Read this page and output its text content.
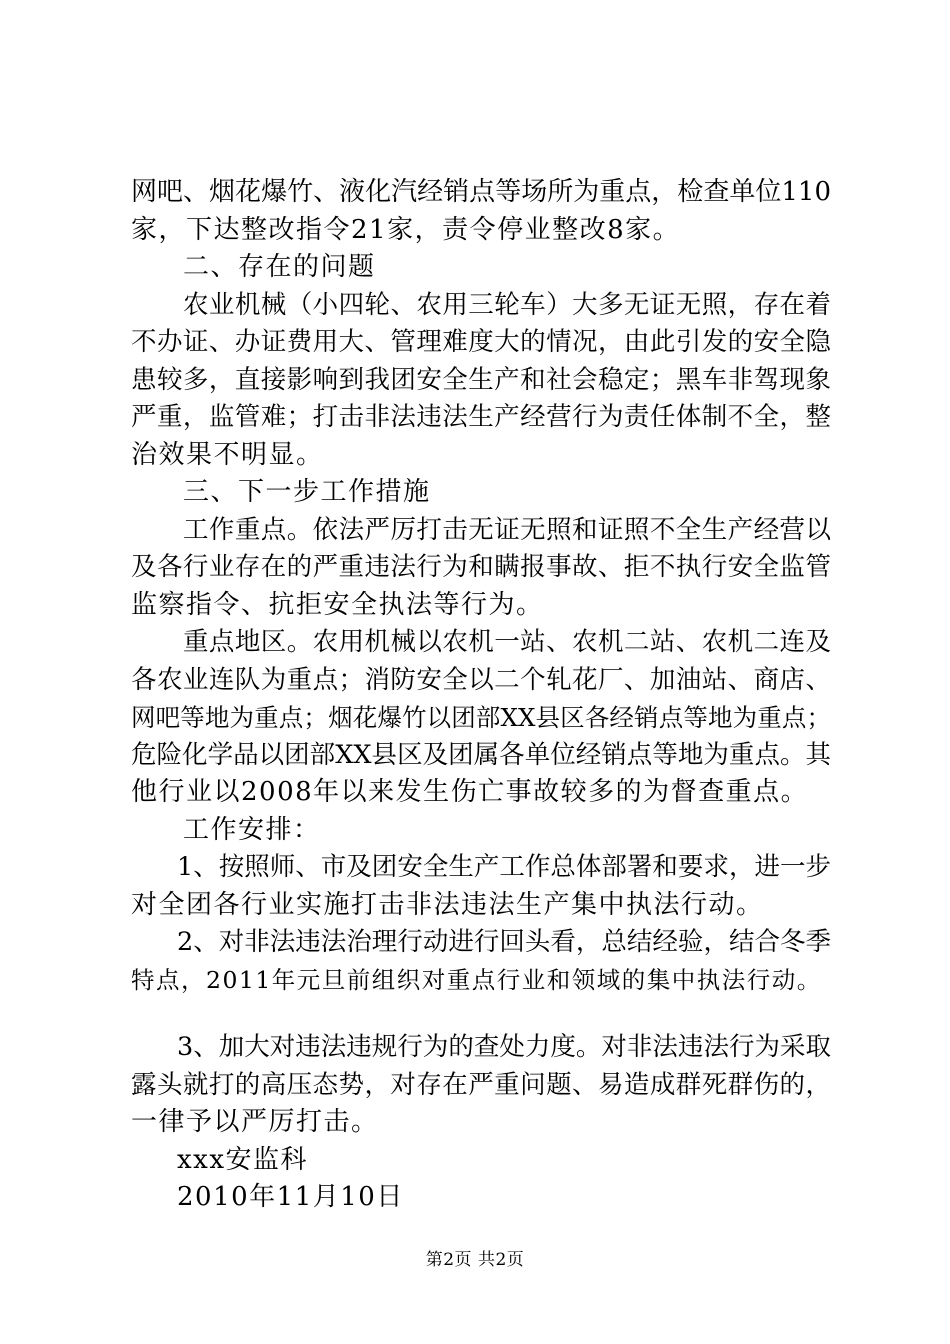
网吧、烟花爆竹、液化汽经销点等场所为重点，检查单位110
家，下达整改指令21家，责令停业整改8家。
二、存在的问题
农业机械（小四轮、农用三轮车）大多无证无照，存在着
不办证、办证费用大、管理难度大的情况，由此引发的安全隐
患较多，直接影响到我团安全生产和社会稳定；黑车非驾现象
严重，监管难；打击非法违法生产经营行为责任体制不全，整
治效果不明显。
三、下一步工作措施
工作重点。依法严厉打击无证无照和证照不全生产经营以
及各行业存在的严重违法行为和瞒报事故、拒不执行安全监管
监察指令、抗拒安全执法等行为。
重点地区。农用机械以农机一站、农机二站、农机二连及
各农业连队为重点；消防安全以二个轧花厂、加油站、商店、
网吧等地为重点；烟花爆竹以团部XX县区各经销点等地为重点；
危险化学品以团部XX县区及团属各单位经销点等地为重点。其
他行业以2008年以来发生伤亡事故较多的为督查重点。
工作安排：
1、按照师、市及团安全生产工作总体部署和要求，进一步
对全团各行业实施打击非法违法生产集中执法行动。
2、对非法违法治理行动进行回头看，总结经验，结合冬季
特点，2011年元旦前组织对重点行业和领域的集中执法行动。
3、加大对违法违规行为的查处力度。对非法违法行为采取
露头就打的高压态势，对存在严重问题、易造成群死群伤的，
一律予以严厉打击。
xxx安监科
2010年11月10日
第2页 共2页
